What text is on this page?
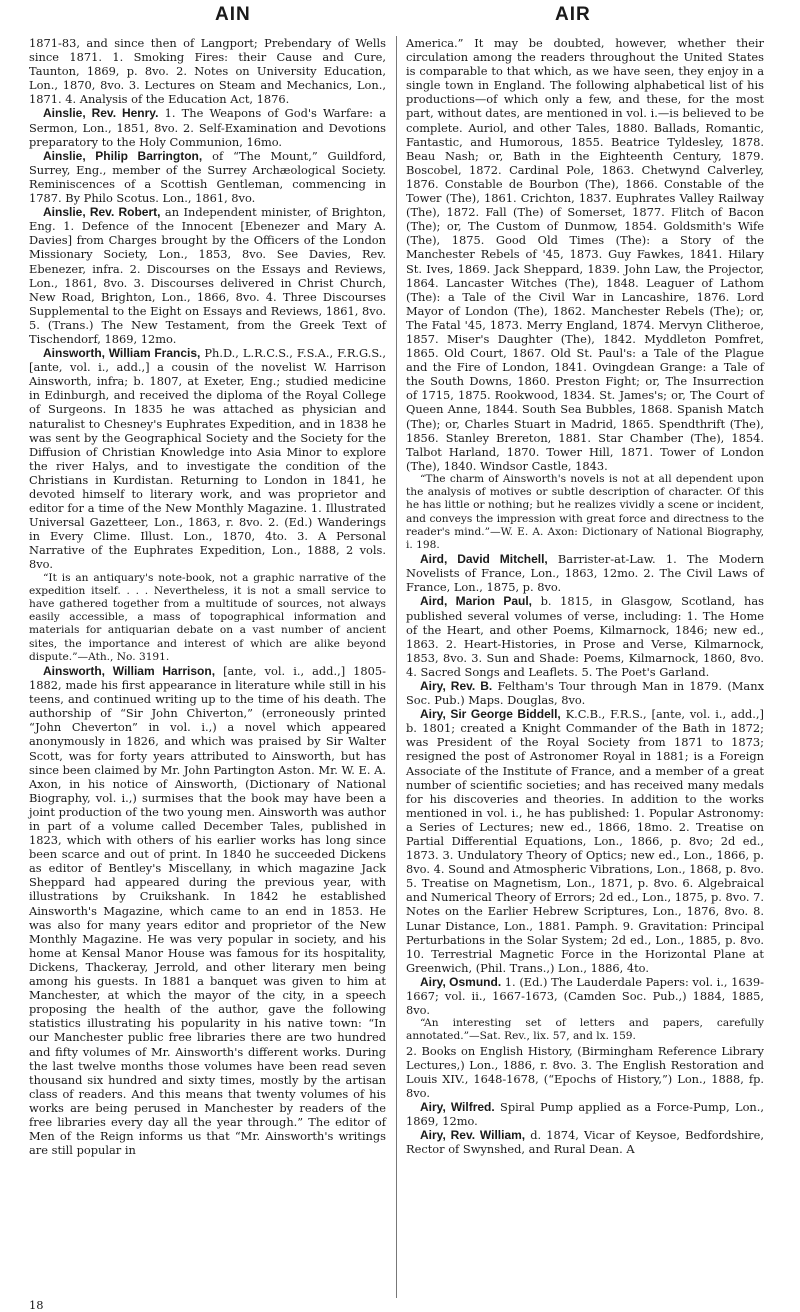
AIN	AIR

1871-83, and since then of Langport; Prebendary of Wells since 1871. 1. Smoking Fires: their Cause and Cure, Taunton, 1869, p. 8vo. 2. Notes on University Education, Lon., 1870, 8vo. 3. Lectures on Steam and Mechanics, Lon., 1871. 4. Analysis of the Education Act, 1876.

Ainslie, Rev. Henry. 1. The Weapons of God's Warfare: a Sermon, Lon., 1851, 8vo. 2. Self-Examination and Devotions preparatory to the Holy Communion, 16mo.

Ainslie, Philip Barrington, of “The Mount,” Guildford, Surrey, Eng., member of the Surrey Archæological Society. Reminiscences of a Scottish Gentleman, commencing in 1787. By Philo Scotus. Lon., 1861, 8vo.

Ainslie, Rev. Robert, an Independent minister, of Brighton, Eng. 1. Defence of the Innocent [Ebenezer and Mary A. Davies] from Charges brought by the Officers of the London Missionary Society, Lon., 1853, 8vo. See Davies, Rev. Ebenezer, infra. 2. Discourses on the Essays and Reviews, Lon., 1861, 8vo. 3. Discourses delivered in Christ Church, New Road, Brighton, Lon., 1866, 8vo. 4. Three Discourses Supplemental to the Eight on Essays and Reviews, 1861, 8vo. 5. (Trans.) The New Testament, from the Greek Text of Tischendorf, 1869, 12mo.

Ainsworth, William Francis, Ph.D., L.R.C.S., F.S.A., F.R.G.S., [ante, vol. i., add.,] a cousin of the novelist W. Harrison Ainsworth, infra; b. 1807, at Exeter, Eng.; studied medicine in Edinburgh, and received the diploma of the Royal College of Surgeons. In 1835 he was attached as physician and naturalist to Chesney's Euphrates Expedition, and in 1838 he was sent by the Geographical Society and the Society for the Diffusion of Christian Knowledge into Asia Minor to explore the river Halys, and to investigate the condition of the Christians in Kurdistan. Returning to London in 1841, he devoted himself to literary work, and was proprietor and editor for a time of the New Monthly Magazine. 1. Illustrated Universal Gazetteer, Lon., 1863, r. 8vo. 2. (Ed.) Wanderings in Every Clime. Illust. Lon., 1870, 4to. 3. A Personal Narrative of the Euphrates Expedition, Lon., 1888, 2 vols. 8vo.

“It is an antiquary's note-book, not a graphic narrative of the expedition itself. . . . Nevertheless, it is not a small service to have gathered together from a multitude of sources, not always easily accessible, a mass of topographical information and materials for antiquarian debate on a vast number of ancient sites, the importance and interest of which are alike beyond dispute.”—Ath., No. 3191.

Ainsworth, William Harrison, [ante, vol. i., add.,] 1805-1882, made his first appearance in literature while still in his teens, and continued writing up to the time of his death. The authorship of “Sir John Chiverton,” (erroneously printed “John Cheverton” in vol. i.,) a novel which appeared anonymously in 1826, and which was praised by Sir Walter Scott, was for forty years attributed to Ainsworth, but has since been claimed by Mr. John Partington Aston. Mr. W. E. A. Axon, in his notice of Ainsworth, (Dictionary of National Biography, vol. i.,) surmises that the book may have been a joint production of the two young men. Ainsworth was author in part of a volume called December Tales, published in 1823, which with others of his earlier works has long since been scarce and out of print. In 1840 he succeeded Dickens as editor of Bentley's Miscellany, in which magazine Jack Sheppard had appeared during the previous year, with illustrations by Cruikshank. In 1842 he established Ainsworth's Magazine, which came to an end in 1853. He was also for many years editor and proprietor of the New Monthly Magazine. He was very popular in society, and his home at Kensal Manor House was famous for its hospitality, Dickens, Thackeray, Jerrold, and other literary men being among his guests. In 1881 a banquet was given to him at Manchester, at which the mayor of the city, in a speech proposing the health of the author, gave the following statistics illustrating his popularity in his native town: “In our Manchester public free libraries there are two hundred and fifty volumes of Mr. Ainsworth's different works. During the last twelve months those volumes have been read seven thousand six hundred and sixty times, mostly by the artisan class of readers. And this means that twenty volumes of his works are being perused in Manchester by readers of the free libraries every day all the year through.” The editor of Men of the Reign informs us that “Mr. Ainsworth's writings are still popular in

America.” It may be doubted, however, whether their circulation among the readers throughout the United States is comparable to that which, as we have seen, they enjoy in a single town in England. The following alphabetical list of his productions—of which only a few, and these, for the most part, without dates, are mentioned in vol. i.—is believed to be complete. Auriol, and other Tales, 1880. Ballads, Romantic, Fantastic, and Humorous, 1855. Beatrice Tyldesley, 1878. Beau Nash; or, Bath in the Eighteenth Century, 1879. Boscobel, 1872. Cardinal Pole, 1863. Chetwynd Calverley, 1876. Constable de Bourbon (The), 1866. Constable of the Tower (The), 1861. Crichton, 1837. Euphrates Valley Railway (The), 1872. Fall (The) of Somerset, 1877. Flitch of Bacon (The); or, The Custom of Dunmow, 1854. Goldsmith's Wife (The), 1875. Good Old Times (The): a Story of the Manchester Rebels of '45, 1873. Guy Fawkes, 1841. Hilary St. Ives, 1869. Jack Sheppard, 1839. John Law, the Projector, 1864. Lancaster Witches (The), 1848. Leaguer of Lathom (The): a Tale of the Civil War in Lancashire, 1876. Lord Mayor of London (The), 1862. Manchester Rebels (The); or, The Fatal '45, 1873. Merry England, 1874. Mervyn Clitheroe, 1857. Miser's Daughter (The), 1842. Myddleton Pomfret, 1865. Old Court, 1867. Old St. Paul's: a Tale of the Plague and the Fire of London, 1841. Ovingdean Grange: a Tale of the South Downs, 1860. Preston Fight; or, The Insurrection of 1715, 1875. Rookwood, 1834. St. James's; or, The Court of Queen Anne, 1844. South Sea Bubbles, 1868. Spanish Match (The); or, Charles Stuart in Madrid, 1865. Spendthrift (The), 1856. Stanley Brereton, 1881. Star Chamber (The), 1854. Talbot Harland, 1870. Tower Hill, 1871. Tower of London (The), 1840. Windsor Castle, 1843.

“The charm of Ainsworth's novels is not at all dependent upon the analysis of motives or subtle description of character. Of this he has little or nothing; but he realizes vividly a scene or incident, and conveys the impression with great force and directness to the reader's mind.”—W. E. A. Axon: Dictionary of National Biography, i. 198.

Aird, David Mitchell, Barrister-at-Law. 1. The Modern Novelists of France, Lon., 1863, 12mo. 2. The Civil Laws of France, Lon., 1875, p. 8vo.

Aird, Marion Paul, b. 1815, in Glasgow, Scotland, has published several volumes of verse, including: 1. The Home of the Heart, and other Poems, Kilmarnock, 1846; new ed., 1863. 2. Heart-Histories, in Prose and Verse, Kilmarnock, 1853, 8vo. 3. Sun and Shade: Poems, Kilmarnock, 1860, 8vo. 4. Sacred Songs and Leaflets. 5. The Poet's Garland.

Airy, Rev. B. Feltham's Tour through Man in 1879. (Manx Soc. Pub.) Maps. Douglas, 8vo.

Airy, Sir George Biddell, K.C.B., F.R.S., [ante, vol. i., add.,] b. 1801; created a Knight Commander of the Bath in 1872; was President of the Royal Society from 1871 to 1873; resigned the post of Astronomer Royal in 1881; is a Foreign Associate of the Institute of France, and a member of a great number of scientific societies; and has received many medals for his discoveries and theories. In addition to the works mentioned in vol. i., he has published: 1. Popular Astronomy: a Series of Lectures; new ed., 1866, 18mo. 2. Treatise on Partial Differential Equations, Lon., 1866, p. 8vo; 2d ed., 1873. 3. Undulatory Theory of Optics; new ed., Lon., 1866, p. 8vo. 4. Sound and Atmospheric Vibrations, Lon., 1868, p. 8vo. 5. Treatise on Magnetism, Lon., 1871, p. 8vo. 6. Algebraical and Numerical Theory of Errors; 2d ed., Lon., 1875, p. 8vo. 7. Notes on the Earlier Hebrew Scriptures, Lon., 1876, 8vo. 8. Lunar Distance, Lon., 1881. Pamph. 9. Gravitation: Principal Perturbations in the Solar System; 2d ed., Lon., 1885, p. 8vo. 10. Terrestrial Magnetic Force in the Horizontal Plane at Greenwich, (Phil. Trans.,) Lon., 1886, 4to.

Airy, Osmund. 1. (Ed.) The Lauderdale Papers: vol. i., 1639-1667; vol. ii., 1667-1673, (Camden Soc. Pub.,) 1884, 1885, 8vo.

“An interesting set of letters and papers, carefully annotated.”—Sat. Rev., lix. 57, and lx. 159.

2. Books on English History, (Birmingham Reference Library Lectures,) Lon., 1886, r. 8vo. 3. The English Restoration and Louis XIV., 1648-1678, (“Epochs of History,”) Lon., 1888, fp. 8vo.

Airy, Wilfred. Spiral Pump applied as a Force-Pump, Lon., 1869, 12mo.

Airy, Rev. William, d. 1874, Vicar of Keysoe, Bedfordshire, Rector of Swynshed, and Rural Dean. A

18
